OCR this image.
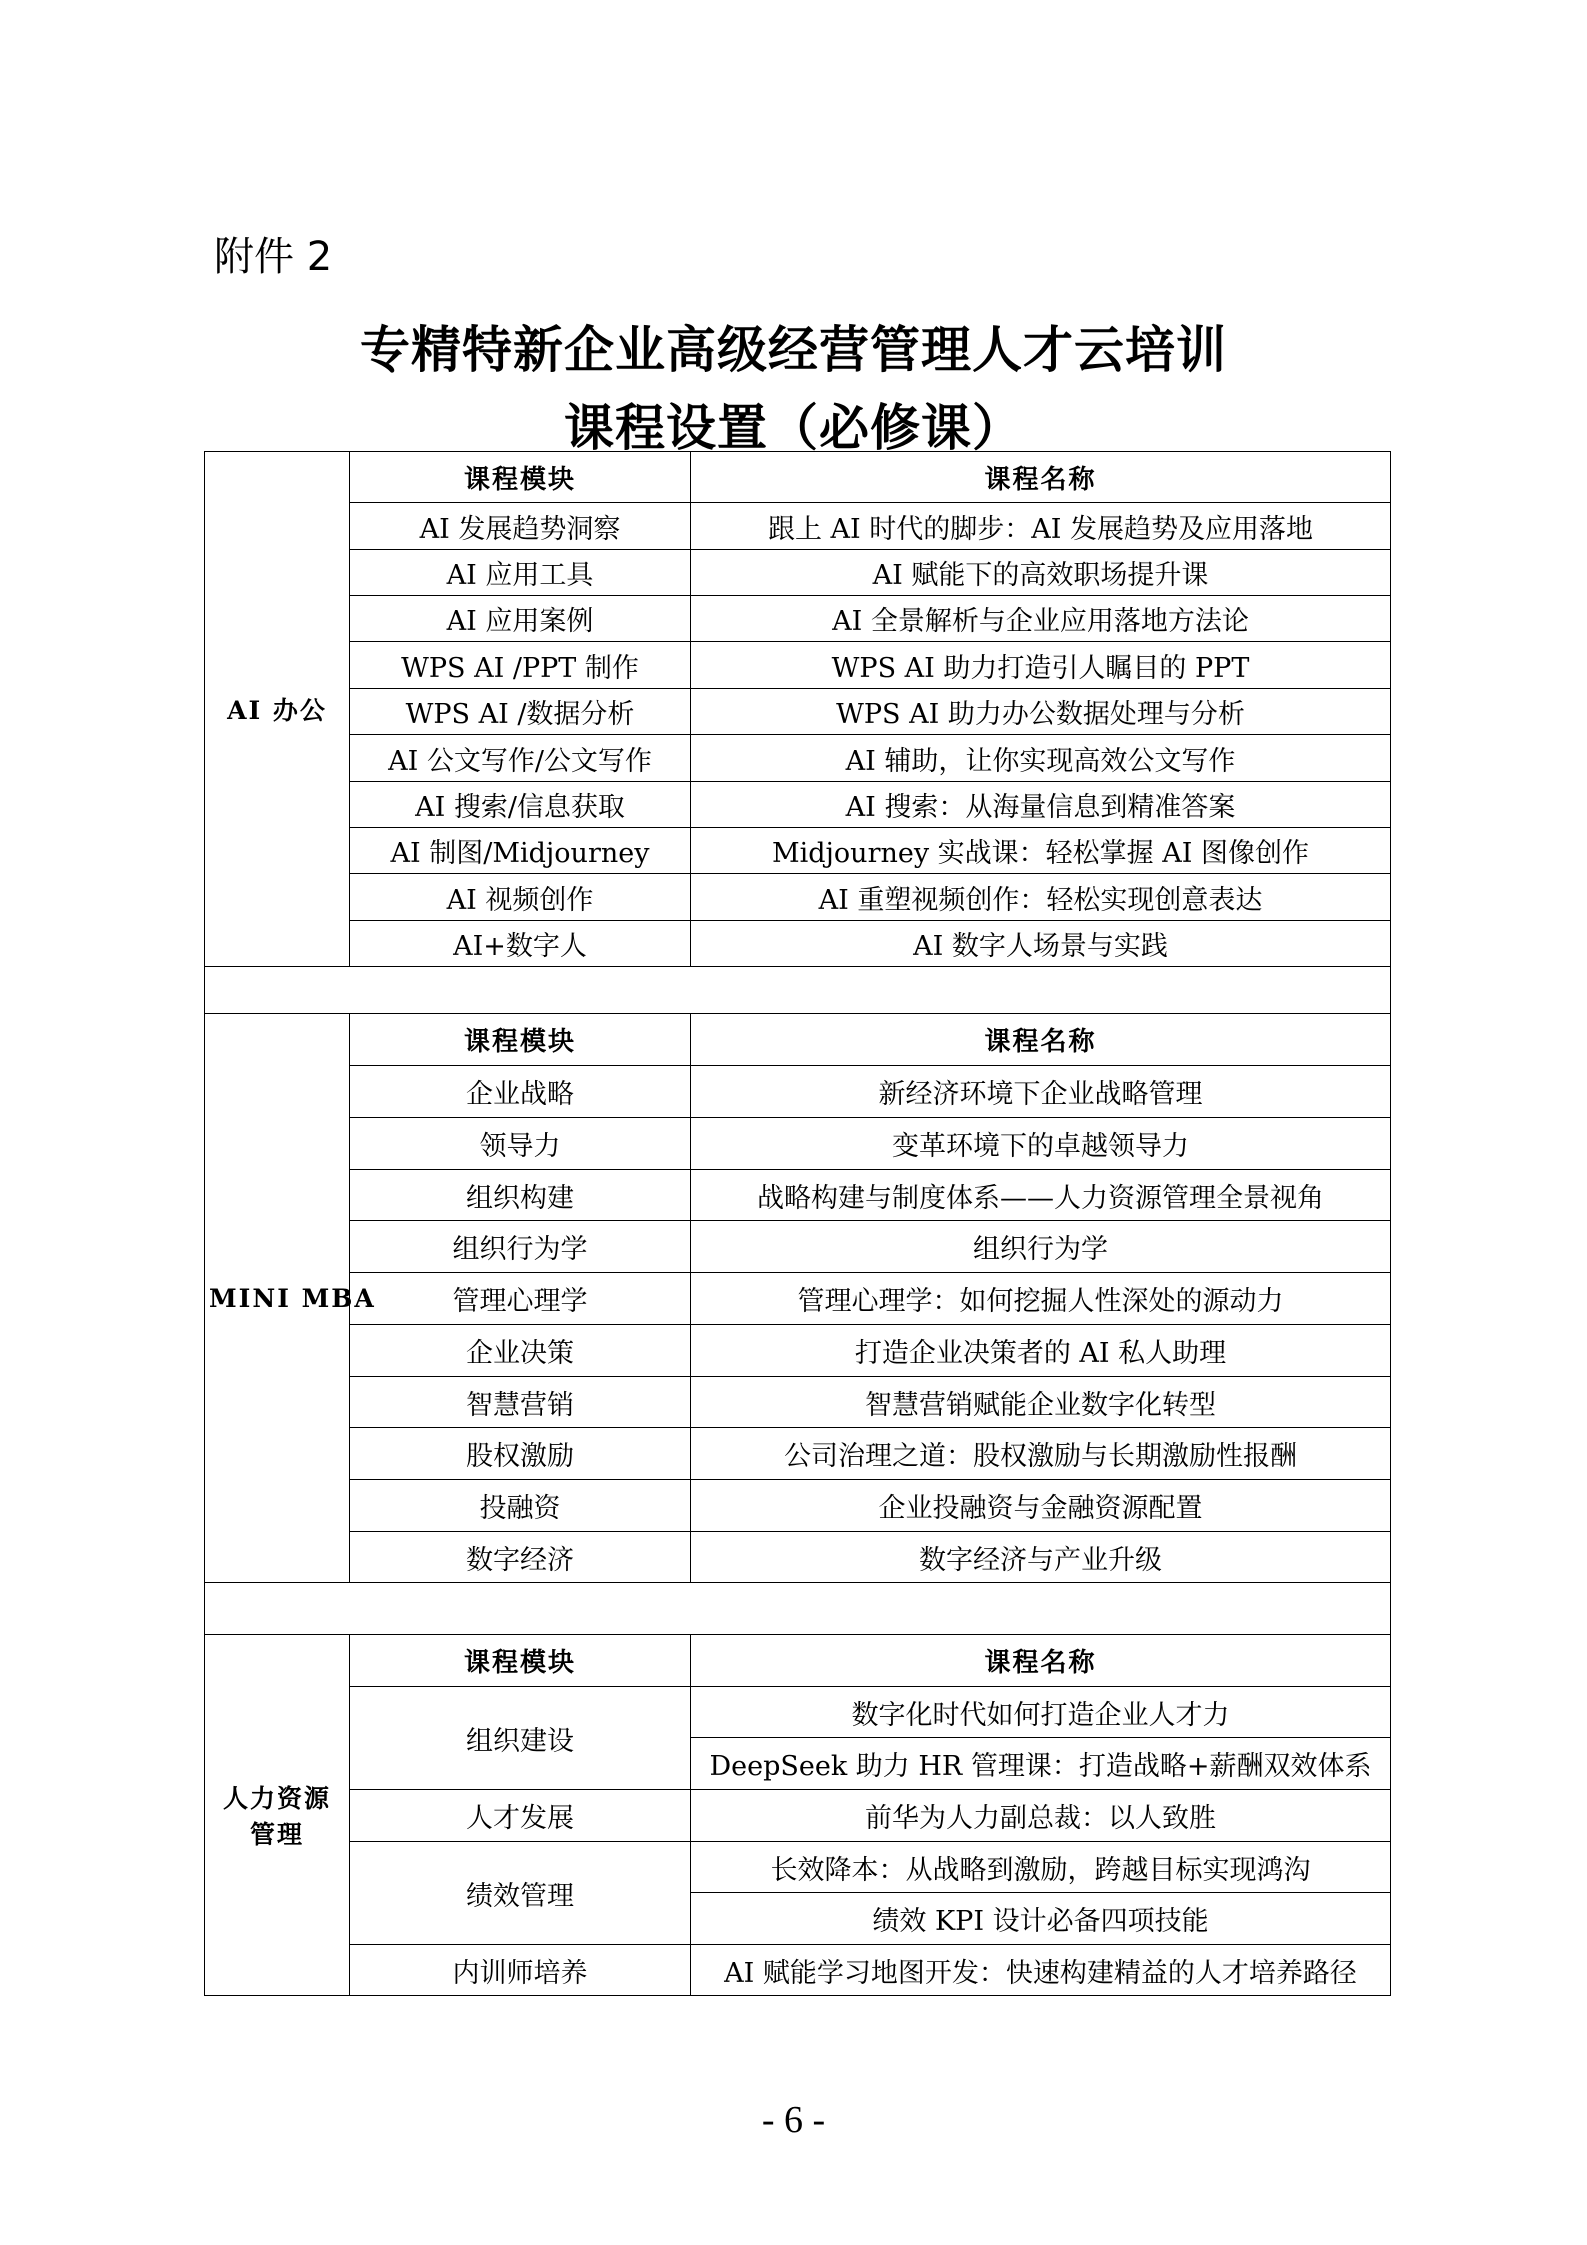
附件 2
专精特新企业高级经营管理人才云培训
课程设置（必修课）
AI 办公	课程模块	课程名称
	AI 发展趋势洞察	跟上 AI 时代的脚步：AI 发展趋势及应用落地
	AI 应用工具	AI 赋能下的高效职场提升课
	AI 应用案例	AI 全景解析与企业应用落地方法论
	WPS AI /PPT 制作	WPS AI 助力打造引人瞩目的 PPT
	WPS AI /数据分析	WPS AI 助力办公数据处理与分析
	AI 公文写作/公文写作	AI 辅助，让你实现高效公文写作
	AI 搜索/信息获取	AI 搜索：从海量信息到精准答案
	AI 制图/Midjourney	Midjourney 实战课：轻松掌握 AI 图像创作
	AI 视频创作	AI 重塑视频创作：轻松实现创意表达
	AI+数字人	AI 数字人场景与实践

MINI MBA	课程模块	课程名称
	企业战略	新经济环境下企业战略管理
	领导力	变革环境下的卓越领导力
	组织构建	战略构建与制度体系——人力资源管理全景视角
	组织行为学	组织行为学
	管理心理学	管理心理学：如何挖掘人性深处的源动力
	企业决策	打造企业决策者的 AI 私人助理
	智慧营销	智慧营销赋能企业数字化转型
	股权激励	公司治理之道：股权激励与长期激励性报酬
	投融资	企业投融资与金融资源配置
	数字经济	数字经济与产业升级

人力资源
管理	课程模块	课程名称
	组织建设	数字化时代如何打造企业人才力
		DeepSeek 助力 HR 管理课：打造战略+薪酬双效体系
	人才发展	前华为人力副总裁：以人致胜
	绩效管理	长效降本：从战略到激励，跨越目标实现鸿沟
		绩效 KPI 设计必备四项技能
	内训师培养	AI 赋能学习地图开发：快速构建精益的人才培养路径
- 6 -
